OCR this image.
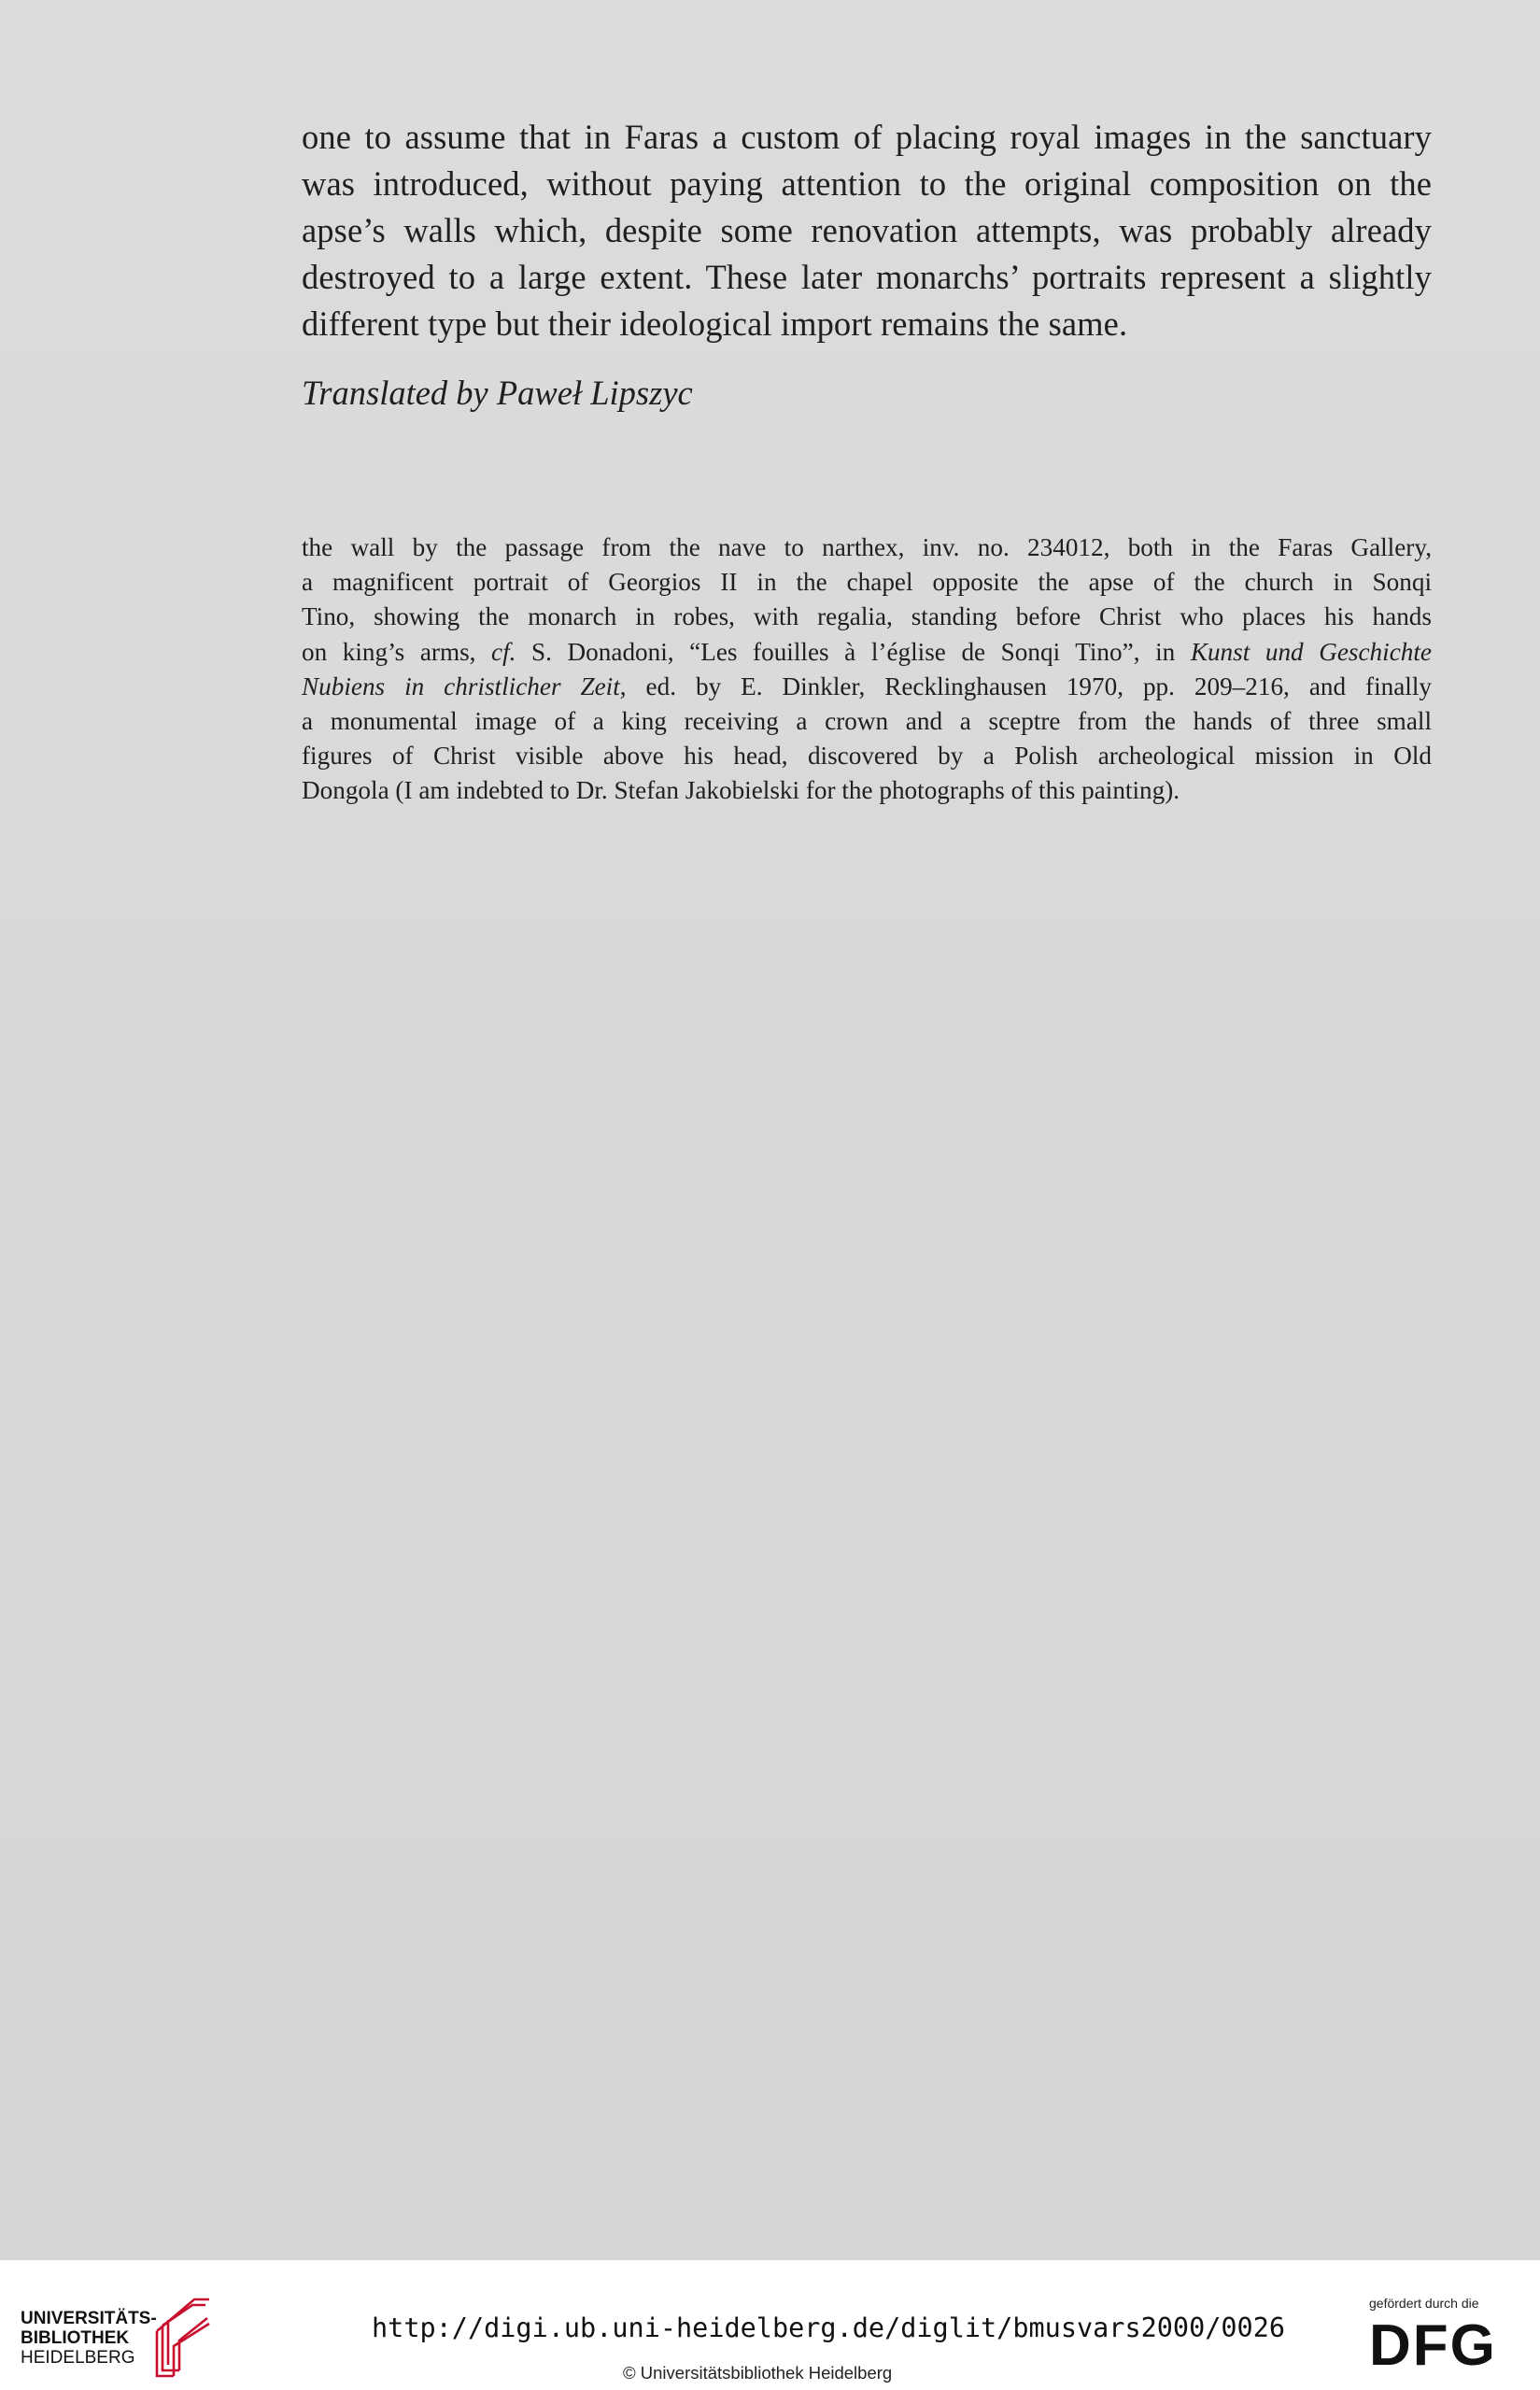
one to assume that in Faras a custom of placing royal images in the sanctuary
was introduced, without paying attention to the original composition on the
apse’s walls which, despite some renovation attempts, was probably already
destroyed to a large extent. These later monarchs’ portraits represent a slightly
different type but their ideological import remains the same.
Translated by Paweł Lipszyc
the wall by the passage from the nave to narthex, inv. no. 234012, both in the Faras Gallery,
a magnificent portrait of Georgios II in the chapel opposite the apse of the church in Sonqi
Tino, showing the monarch in robes, with regalia, standing before Christ who places his hands
on king’s arms, cf. S. Donadoni, “Les fouilles à l’église de Sonqi Tino”, in Kunst und Geschichte
Nubiens in christlicher Zeit, ed. by E. Dinkler, Recklinghausen 1970, pp. 209–216, and finally
a monumental image of a king receiving a crown and a sceptre from the hands of three small
figures of Christ visible above his head, discovered by a Polish archeological mission in Old
Dongola (I am indebted to Dr. Stefan Jakobielski for the photographs of this painting).
UNIVERSITÄTS-
BIBLIOTHEK
HEIDELBERG
http://digi.ub.uni-heidelberg.de/diglit/bmusvars2000/0026
© Universitätsbibliothek Heidelberg
gefördert durch die
DFG
